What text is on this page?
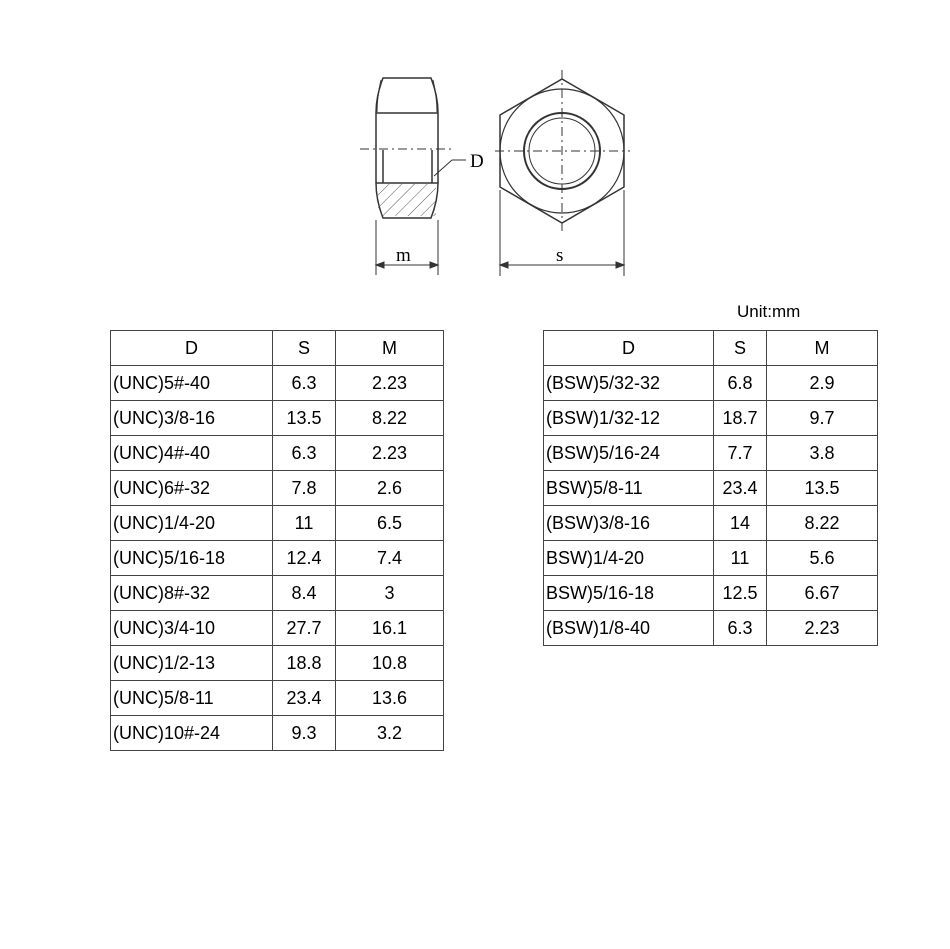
D
m	s
Unit:mm
D	S	M
(UNC)5#-40	6.3	2.23
(UNC)3/8-16	13.5	8.22
(UNC)4#-40	6.3	2.23
(UNC)6#-32	7.8	2.6
(UNC)1/4-20	11	6.5
(UNC)5/16-18	12.4	7.4
(UNC)8#-32	8.4	3
(UNC)3/4-10	27.7	16.1
(UNC)1/2-13	18.8	10.8
(UNC)5/8-11	23.4	13.6
(UNC)10#-24	9.3	3.2
D	S	M
(BSW)5/32-32	6.8	2.9
(BSW)1/32-12	18.7	9.7
(BSW)5/16-24	7.7	3.8
BSW)5/8-11	23.4	13.5
(BSW)3/8-16	14	8.22
BSW)1/4-20	11	5.6
BSW)5/16-18	12.5	6.67
(BSW)1/8-40	6.3	2.23
